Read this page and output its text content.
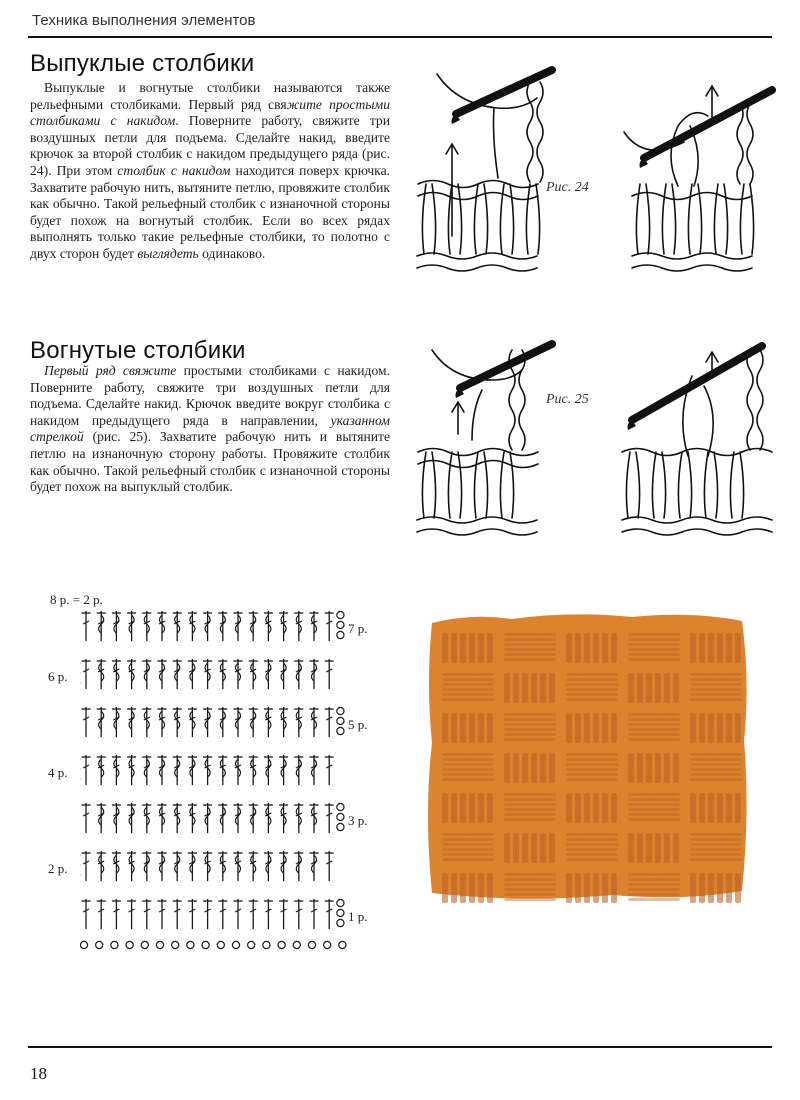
Техника выполнения элементов
Выпуклые столбики

Выпуклые и вогнутые столбики называются также рельефными столбиками. Первый ряд свяжите простыми столбиками с накидом. Поверните работу, свяжите три воздушных петли для подъема. Сделайте накид, введите крючок за второй столбик с накидом предыдущего ряда (рис. 24). При этом столбик с накидом находится поверх крючка. Захватите рабочую нить, вытяните петлю, провяжите столбик как обычно. Такой рельефный столбик с изнаночной стороны будет похож на вогнутый столбик. Если во всех рядах выполнять только такие рельефные столбики, то полотно с двух сторон будет выглядеть одинаково.

Рис. 24
Вогнутые столбики

Первый ряд свяжите простыми столбиками с накидом. Поверните работу, свяжите три воздушных петли для подъема. Сделайте накид. Крючок введите вокруг столбика с накидом предыдущего ряда в направлении, указанном стрелкой (рис. 25). Захватите рабочую нить и вытяните петлю на изнаночную сторону работы. Провяжите столбик как обычно. Такой рельефный столбик с изнаночной стороны будет похож на выпуклый столбик.

Рис. 25
8 р. = 2 р.
7 р.
6 р.
5 р.
4 р.
3 р.
2 р.
1 р.
18
